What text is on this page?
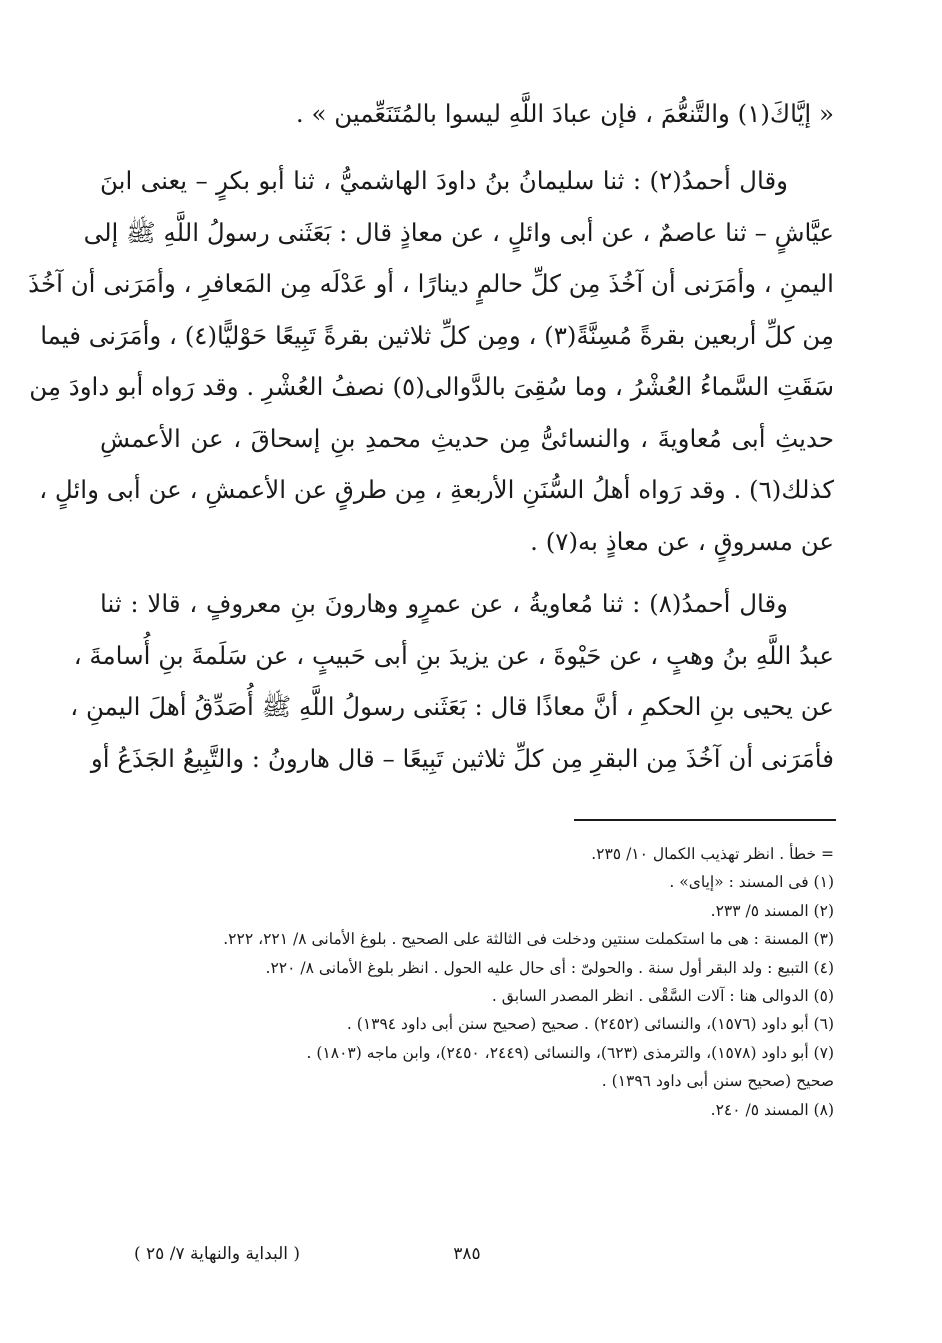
« إيَّاكَ(١) والتَّنعُّمَ ، فإن عبادَ اللَّهِ ليسوا بالمُتَنَعِّمين » .
وقال أحمدُ(٢) : ثنا سليمانُ بنُ داودَ الهاشميُّ ، ثنا أبو بكرٍ – يعنى ابنَ
عيَّاشٍ – ثنا عاصمٌ ، عن أبى وائلٍ ، عن معاذٍ قال : بَعَثَنى رسولُ اللَّهِ ﷺ إلى
اليمنِ ، وأمَرَنى أن آخُذَ مِن كلِّ حالمٍ دينارًا ، أو عَدْلَه مِن المَعافرِ ، وأمَرَنى أن آخُذَ
مِن كلِّ أربعين بقرةً مُسِنَّةً(٣) ، ومِن كلِّ ثلاثين بقرةً تَبِيعًا حَوْليًّا(٤) ، وأمَرَنى فيما
سَقَتِ السَّماءُ العُشْرُ ، وما سُقِىَ بالدَّوالى(٥) نصفُ العُشْرِ . وقد رَواه أبو داودَ مِن
حديثِ أبى مُعاويةَ ، والنسائىُّ مِن حديثِ محمدِ بنِ إسحاقَ ، عن الأعمشِ
كذلك(٦) . وقد رَواه أهلُ السُّنَنِ الأربعةِ ، مِن طرقٍ عن الأعمشِ ، عن أبى وائلٍ ،
عن مسروقٍ ، عن معاذٍ به(٧) .
وقال أحمدُ(٨) : ثنا مُعاويةُ ، عن عمرٍو وهارونَ بنِ معروفٍ ، قالا : ثنا
عبدُ اللَّهِ بنُ وهبٍ ، عن حَيْوةَ ، عن يزيدَ بنِ أبى حَبيبٍ ، عن سَلَمةَ بنِ أُسامةَ ،
عن يحيى بنِ الحكمِ ، أنَّ معاذًا قال : بَعَثَنى رسولُ اللَّهِ ﷺ أُصَدِّقُ أهلَ اليمنِ ،
فأمَرَنى أن آخُذَ مِن البقرِ مِن كلِّ ثلاثين تَبِيعًا – قال هارونُ : والتَّبِيعُ الجَذَعُ أو
= خطأ . انظر تهذيب الكمال ١٠/ ٢٣٥.
(١) فى المسند : «إياى» .
(٢) المسند ٥/ ٢٣٣.
(٣) المسنة : هى ما استكملت سنتين ودخلت فى الثالثة على الصحيح . بلوغ الأمانى ٨/ ٢٢١، ٢٢٢.
(٤) التبيع : ولد البقر أول سنة . والحولىّ : أى حال عليه الحول . انظر بلوغ الأمانى ٨/ ٢٢٠.
(٥) الدوالى هنا : آلات السَّقْى . انظر المصدر السابق .
(٦) أبو داود (١٥٧٦)، والنسائى (٢٤٥٢) . صحيح (صحيح سنن أبى داود ١٣٩٤) .
(٧) أبو داود (١٥٧٨)، والترمذى (٦٢٣)، والنسائى (٢٤٤٩، ٢٤٥٠)، وابن ماجه (١٨٠٣) .
صحيح (صحيح سنن أبى داود ١٣٩٦) .
(٨) المسند ٥/ ٢٤٠.
٣٨٥
( البداية والنهاية ٧/ ٢٥ )
